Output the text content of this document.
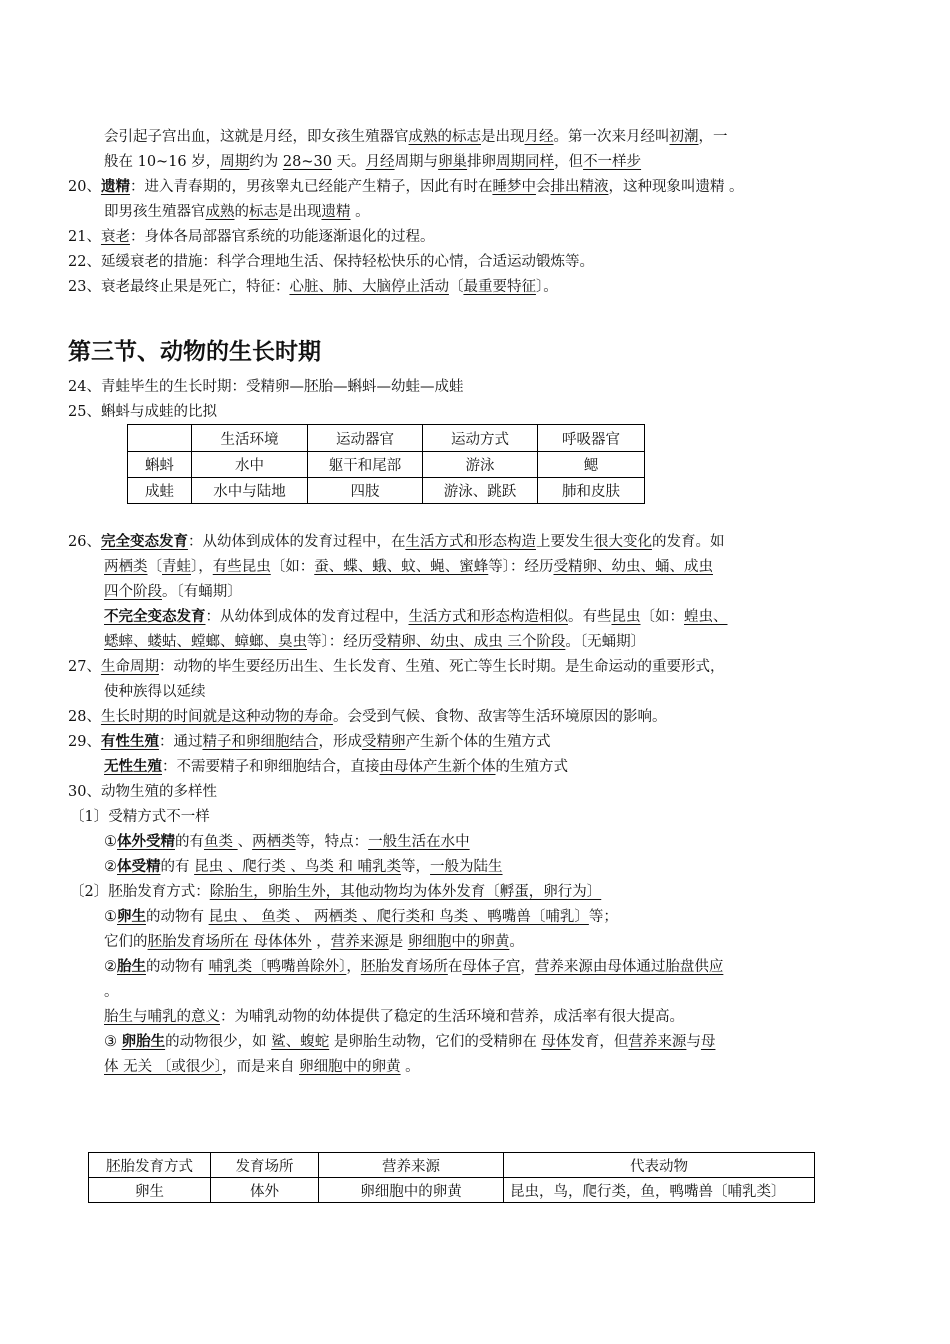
会引起子宫出血，这就是月经，即女孩生殖器官成熟的标志是出现月经。第一次来月经叫初潮，一
般在 10~16 岁，周期约为 28~30 天。月经周期与卵巢排卵周期同样，但不一样步
20、遗精：进入青春期的，男孩睾丸已经能产生精子，因此有时在睡梦中会排出精液，这种现象叫遗精 。
即男孩生殖器官成熟的标志是出现遗精 。
21、衰老：身体各局部器官系统的功能逐渐退化的过程。
22、延缓衰老的措施：科学合理地生活、保持轻松快乐的心情，合适运动锻炼等。
23、衰老最终止果是死亡，特征：心脏、肺、大脑停止活动〔最重要特征〕。
第三节、动物的生长时期
24、青蛙毕生的生长时期：受精卵—胚胎—蝌蚪—幼蛙—成蛙
25、蝌蚪与成蛙的比拟
	生活环境	运动器官	运动方式	呼吸器官
蝌蚪	水中	躯干和尾部	游泳	鳃
成蛙	水中与陆地	四肢	游泳、跳跃	肺和皮肤
26、完全变态发育：从幼体到成体的发育过程中，在生活方式和形态构造上要发生很大变化的发育。如
两栖类〔青蛙〕，有些昆虫〔如：蚕、蝶、蛾、蚊、蝇、蜜蜂等〕：经历受精卵、幼虫、蛹、成虫
四个阶段。〔有蛹期〕
不完全变态发育：从幼体到成体的发育过程中，生活方式和形态构造相似。有些昆虫〔如：蝗虫、
蟋蟀、蝼蛄、螳螂、蟑螂、臭虫等〕：经历受精卵、幼虫、成虫 三个阶段。〔无蛹期〕
27、生命周期：动物的毕生要经历出生、生长发育、生殖、死亡等生长时期。是生命运动的重要形式，
使种族得以延续
28、生长时期的时间就是这种动物的寿命。会受到气候、食物、敌害等生活环境原因的影响。
29、有性生殖：通过精子和卵细胞结合，形成受精卵产生新个体的生殖方式
无性生殖：不需要精子和卵细胞结合，直接由母体产生新个体的生殖方式
30、动物生殖的多样性
〔1〕受精方式不一样
①体外受精的有鱼类 、两栖类等，特点：一般生活在水中
②体受精的有 昆虫 、爬行类 、鸟类 和 哺乳类等，一般为陆生
〔2〕胚胎发育方式：除胎生，卵胎生外，其他动物均为体外发育〔孵蛋，卵行为〕
①卵生的动物有 昆虫 、 鱼类 、 两栖类 、爬行类和 鸟类 、鸭嘴兽〔哺乳〕等；
它们的胚胎发育场所在 母体体外 ，营养来源是 卵细胞中的卵黄。
②胎生的动物有 哺乳类〔鸭嘴兽除外〕，胚胎发育场所在母体子宫，营养来源由母体通过胎盘供应
。
胎生与哺乳的意义：为哺乳动物的幼体提供了稳定的生活环境和营养，成活率有很大提高。
③ 卵胎生的动物很少，如 鲨、蝮蛇 是卵胎生动物，它们的受精卵在 母体发育，但营养来源与母
体 无关 〔或很少〕，而是来自 卵细胞中的卵黄 。
胚胎发育方式	发育场所	营养来源	代表动物
卵生	体外	卵细胞中的卵黄	昆虫，鸟，爬行类，鱼，鸭嘴兽〔哺乳类〕
